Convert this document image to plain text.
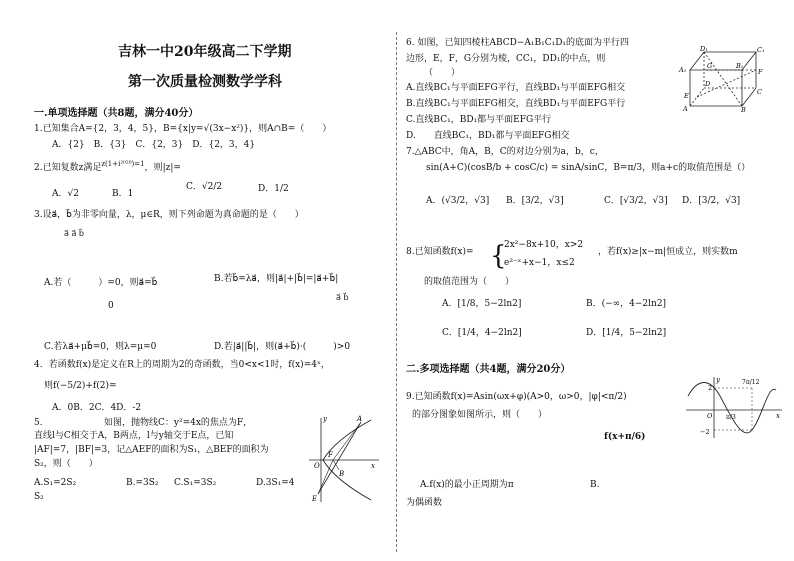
吉林一中20年级高二下学期
第一次质量检测数学学科
一.单项选择题（共8题，满分40分）
1.已知集合A={2，3，4，5}，B={x|y=√(3x−x²)}，则A∩B=（　　）
A．{2}　B．{3}　C．{2，3}　D．{2，3，4}
2.已知复数z满足$^{z(1+i^{2020})=1}$，则|z|=
A．√2	B．1
C．√2/2	D．1/2
3.设a⃗，b⃗为非零向量，λ，μ∈R，则下列命题为真命题的是（　　）
a⃗ a⃗ b⃗
A.若（　　　）=0，则a⃗=b⃗	B.若b⃗=λa⃗，则|a⃗|+|b⃗|=|a⃗+b⃗|
a⃗ b⃗
0
C.若λa⃗+μb⃗=0，则λ=μ=0	D.若|a⃗||b⃗|，则(a⃗+b⃗)·(　　　)>0
4．若函数f(x)是定义在R上的周期为2的奇函数，当0<x<1时，f(x)=4ˣ，
则f(−5/2)+f(2)=
A．0B．2C．4D．-2
5.	如图，抛物线C：y²=4x的焦点为F，
直线l与C相交于A，B两点，l与y轴交于E点，已知
|AF|=7，|BF|=3，记△AEF的面积为S₁，△BEF的面积为
S₂，则（　　）
A.S₁=2S₂	B.=3S₂ C.S₁=3S₂	D.3S₁=4
S₂
y	A
x
F
O
B
E
6. 如图，已知四棱柱ABCD−A₁B₁C₁D₁的底面为平行四
边形，E，F，G分别为棱，CC₁，DD₁的中点，则
（　　）
A.直线BC₁与平面EFG平行，直线BD₁与平面EFG相交
B.直线BC₁与平面EFG相交，直线BD₁与平面EFG平行
C.直线BC₁，BD₁都与平面EFG平行
D.　　直线BC₁，BD₁都与平面EFG相交
D₁	C₁
A₁	B₁
G
F
E
D
C
A	B
7.△ABC中，角A，B，C的对边分别为a，b，c，
sin(A+C)(cosB/b + cosC/c) = sinA/sinC，B=π/3，则a+c的取值范围是（）
A．(√3/2，√3] B．[3/2，√3]	C．[√3/2，√3] D．[3/2，√3]
8.已知函数f(x)= {
2x²−8x+10，x>2
e²⁻ˣ+x−1，x≤2
，若f(x)≥|x−m|恒成立，则实数m
的取值范围为（　　）
A．[1/8，5−2ln2]	B．(−∞，4−2ln2]
C．[1/4，4−2ln2]	D．[1/4，5−2ln2]
二.多项选择题（共4题，满分20分）
9.已知函数f(x)=Asin(ωx+φ)(A>0，ω>0，|φ|<π/2)
的部分图象如图所示，则（　　）
f(x+π/6)
A.f(x)的最小正周期为π	B.
为偶函数
y
2
x
O π/3
7π/12
−2
